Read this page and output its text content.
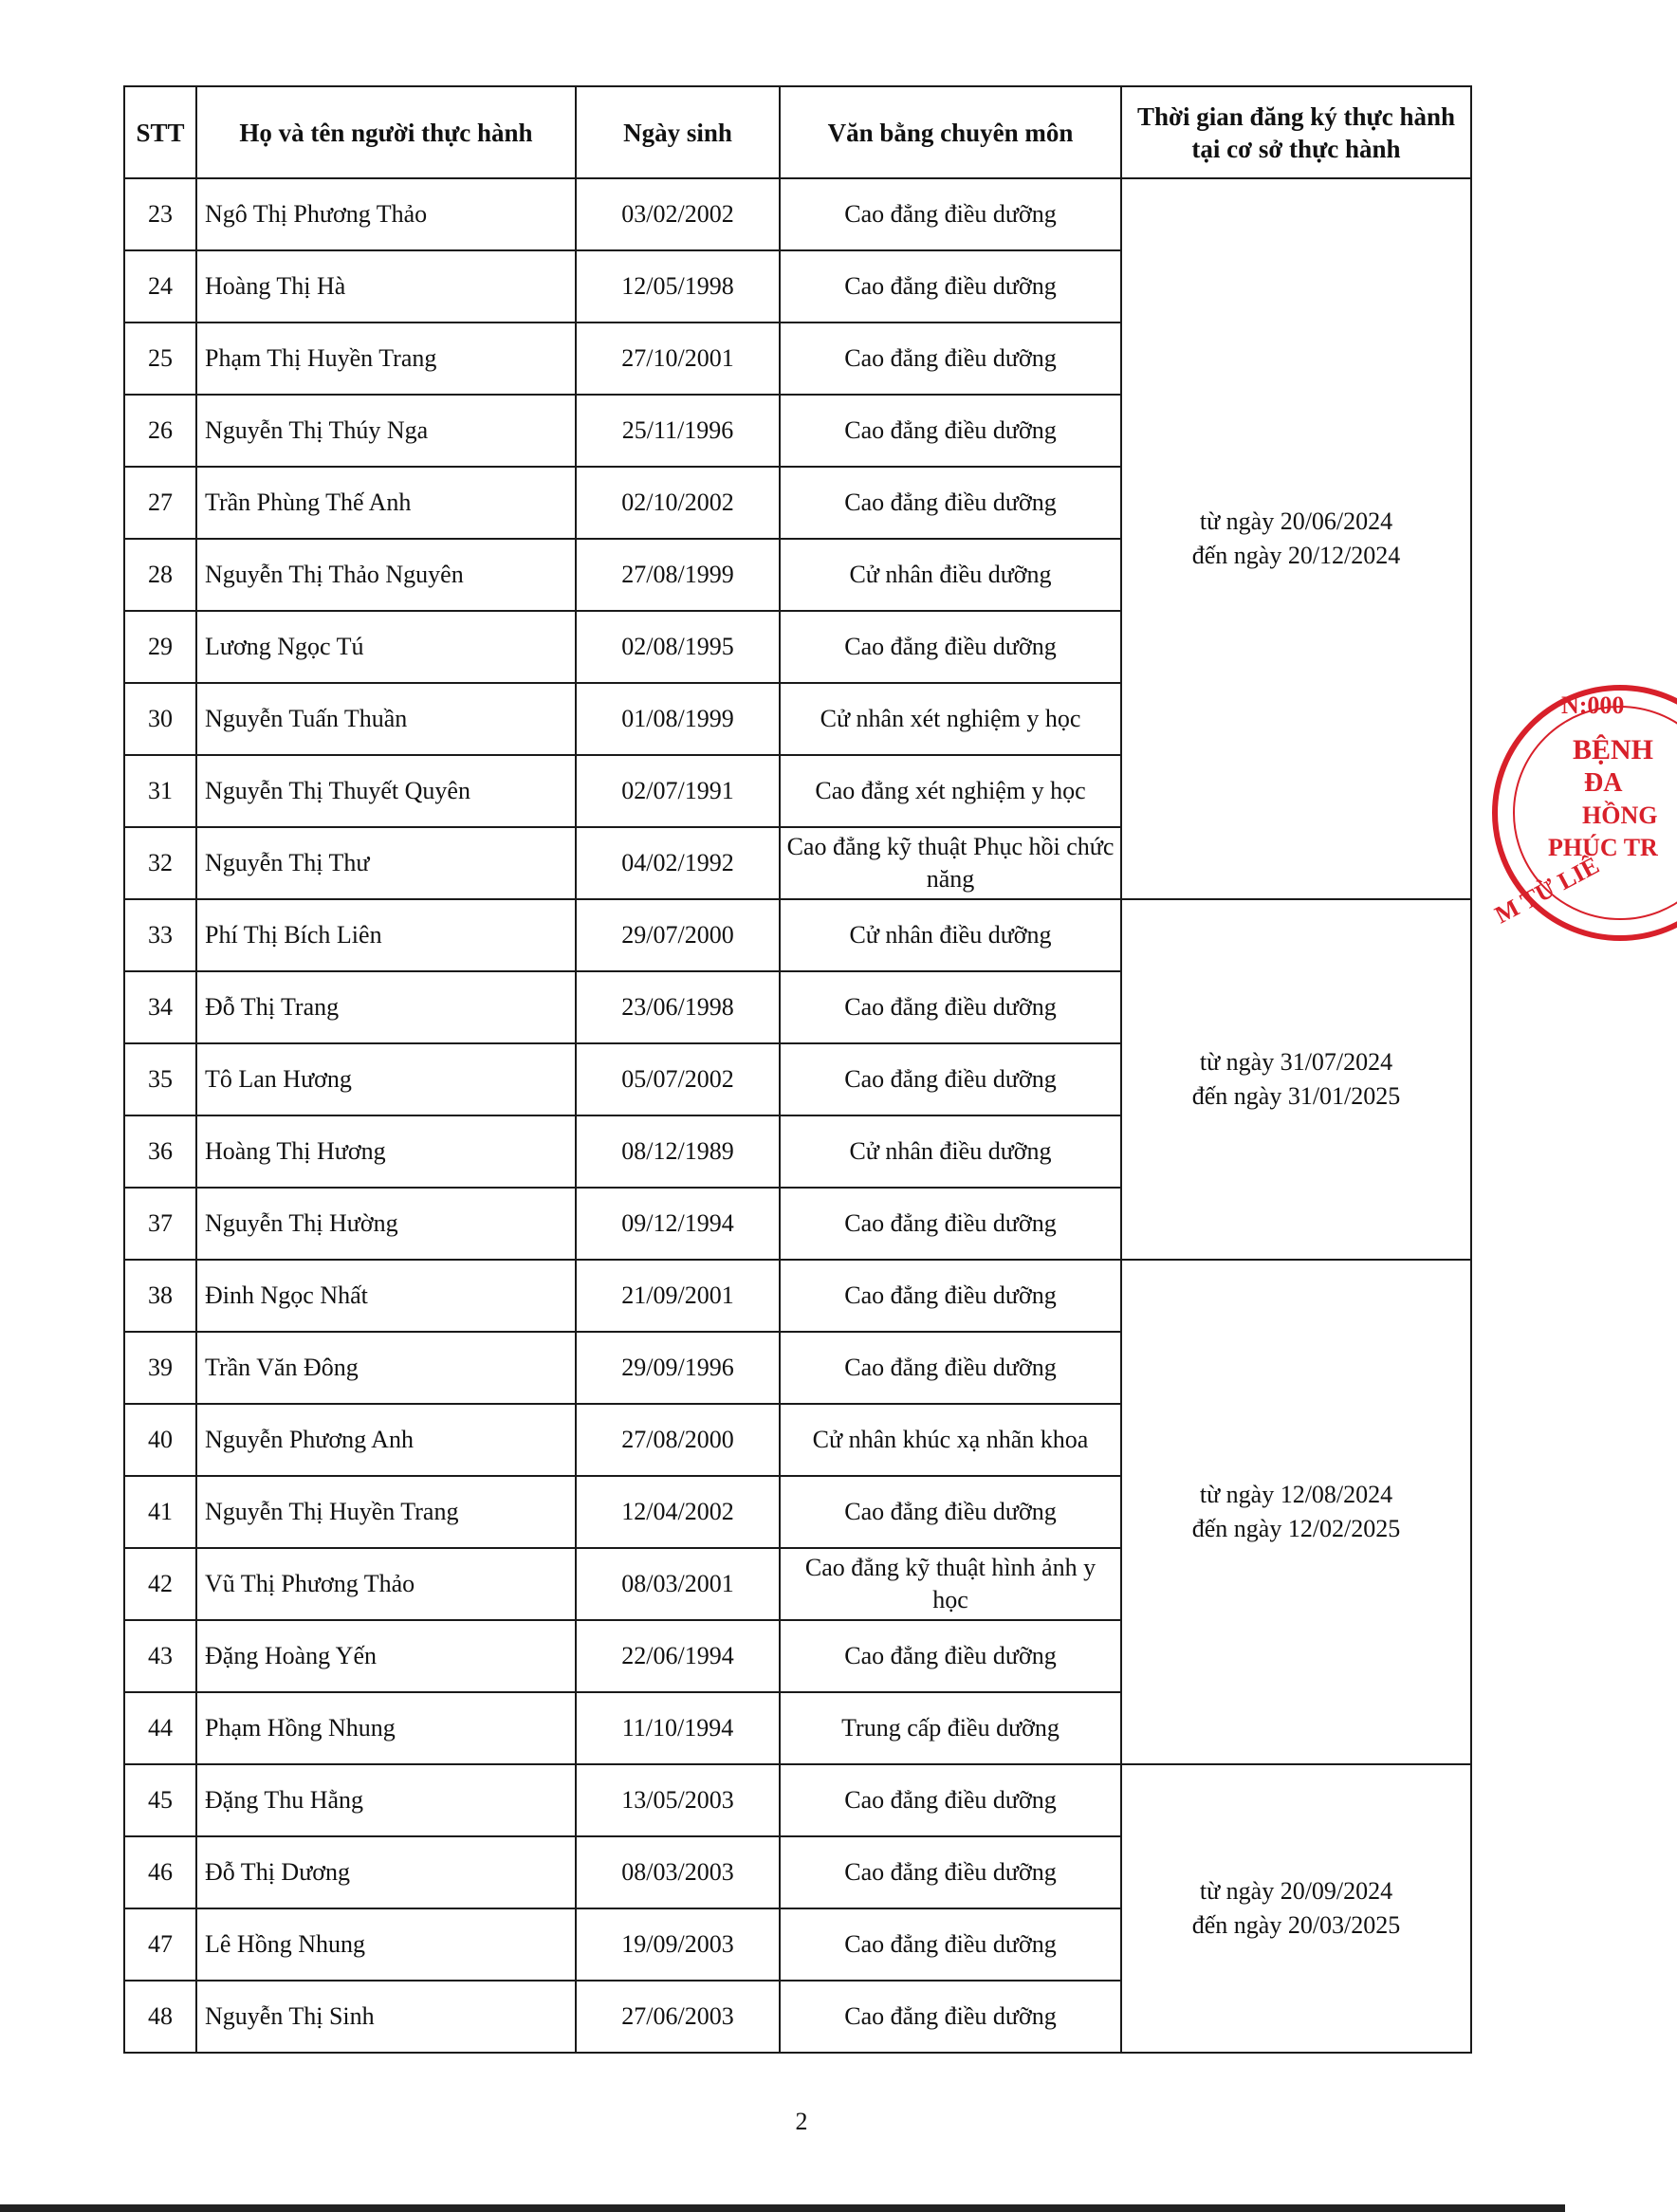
STT	Họ và tên người thực hành	Ngày sinh	Văn bằng chuyên môn	Thời gian đăng ký thực hành tại cơ sở thực hành
23	Ngô Thị Phương Thảo	03/02/2002	Cao đẳng điều dưỡng	từ ngày 20/06/2024
đến ngày 20/12/2024

24	Hoàng Thị Hà	12/05/1998	Cao đẳng điều dưỡng	
25	Phạm Thị Huyền Trang	27/10/2001	Cao đẳng điều dưỡng	
26	Nguyễn Thị Thúy Nga	25/11/1996	Cao đẳng điều dưỡng	
27	Trần Phùng Thế Anh	02/10/2002	Cao đẳng điều dưỡng	
28	Nguyễn Thị Thảo Nguyên	27/08/1999	Cử nhân điều dưỡng	
29	Lương Ngọc Tú	02/08/1995	Cao đẳng điều dưỡng	
30	Nguyễn Tuấn Thuần	01/08/1999	Cử nhân xét nghiệm y học	
31	Nguyễn Thị Thuyết Quyên	02/07/1991	Cao đẳng xét nghiệm y học	
32	Nguyễn Thị Thư	04/02/1992	Cao đẳng kỹ thuật Phục hồi chức năng	
33	Phí Thị Bích Liên	29/07/2000	Cử nhân điều dưỡng	từ ngày 31/07/2024
đến ngày 31/01/2025

34	Đỗ Thị Trang	23/06/1998	Cao đẳng điều dưỡng	
35	Tô Lan Hương	05/07/2002	Cao đẳng điều dưỡng	
36	Hoàng Thị Hương	08/12/1989	Cử nhân điều dưỡng	
37	Nguyễn Thị Hường	09/12/1994	Cao đẳng điều dưỡng	
38	Đinh Ngọc Nhất	21/09/2001	Cao đẳng điều dưỡng	từ ngày 12/08/2024
đến ngày 12/02/2025

39	Trần Văn Đông	29/09/1996	Cao đẳng điều dưỡng	
40	Nguyễn Phương Anh	27/08/2000	Cử nhân khúc xạ nhãn khoa	
41	Nguyễn Thị Huyền Trang	12/04/2002	Cao đẳng điều dưỡng	
42	Vũ Thị Phương Thảo	08/03/2001	Cao đẳng kỹ thuật hình ảnh y học	
43	Đặng Hoàng Yến	22/06/1994	Cao đẳng điều dưỡng	
44	Phạm Hồng Nhung	11/10/1994	Trung cấp điều dưỡng	
45	Đặng Thu Hằng	13/05/2003	Cao đẳng điều dưỡng	từ ngày 20/09/2024
đến ngày 20/03/2025

46	Đỗ Thị Dương	08/03/2003	Cao đẳng điều dưỡng	
47	Lê Hồng Nhung	19/09/2003	Cao đẳng điều dưỡng	
48	Nguyễn Thị Sinh	27/06/2003	Cao đẳng điều dưỡng	
2
N:000
BỆNH
ĐA
HỒNG
PHÚC TR
M TỪ LIÊ
